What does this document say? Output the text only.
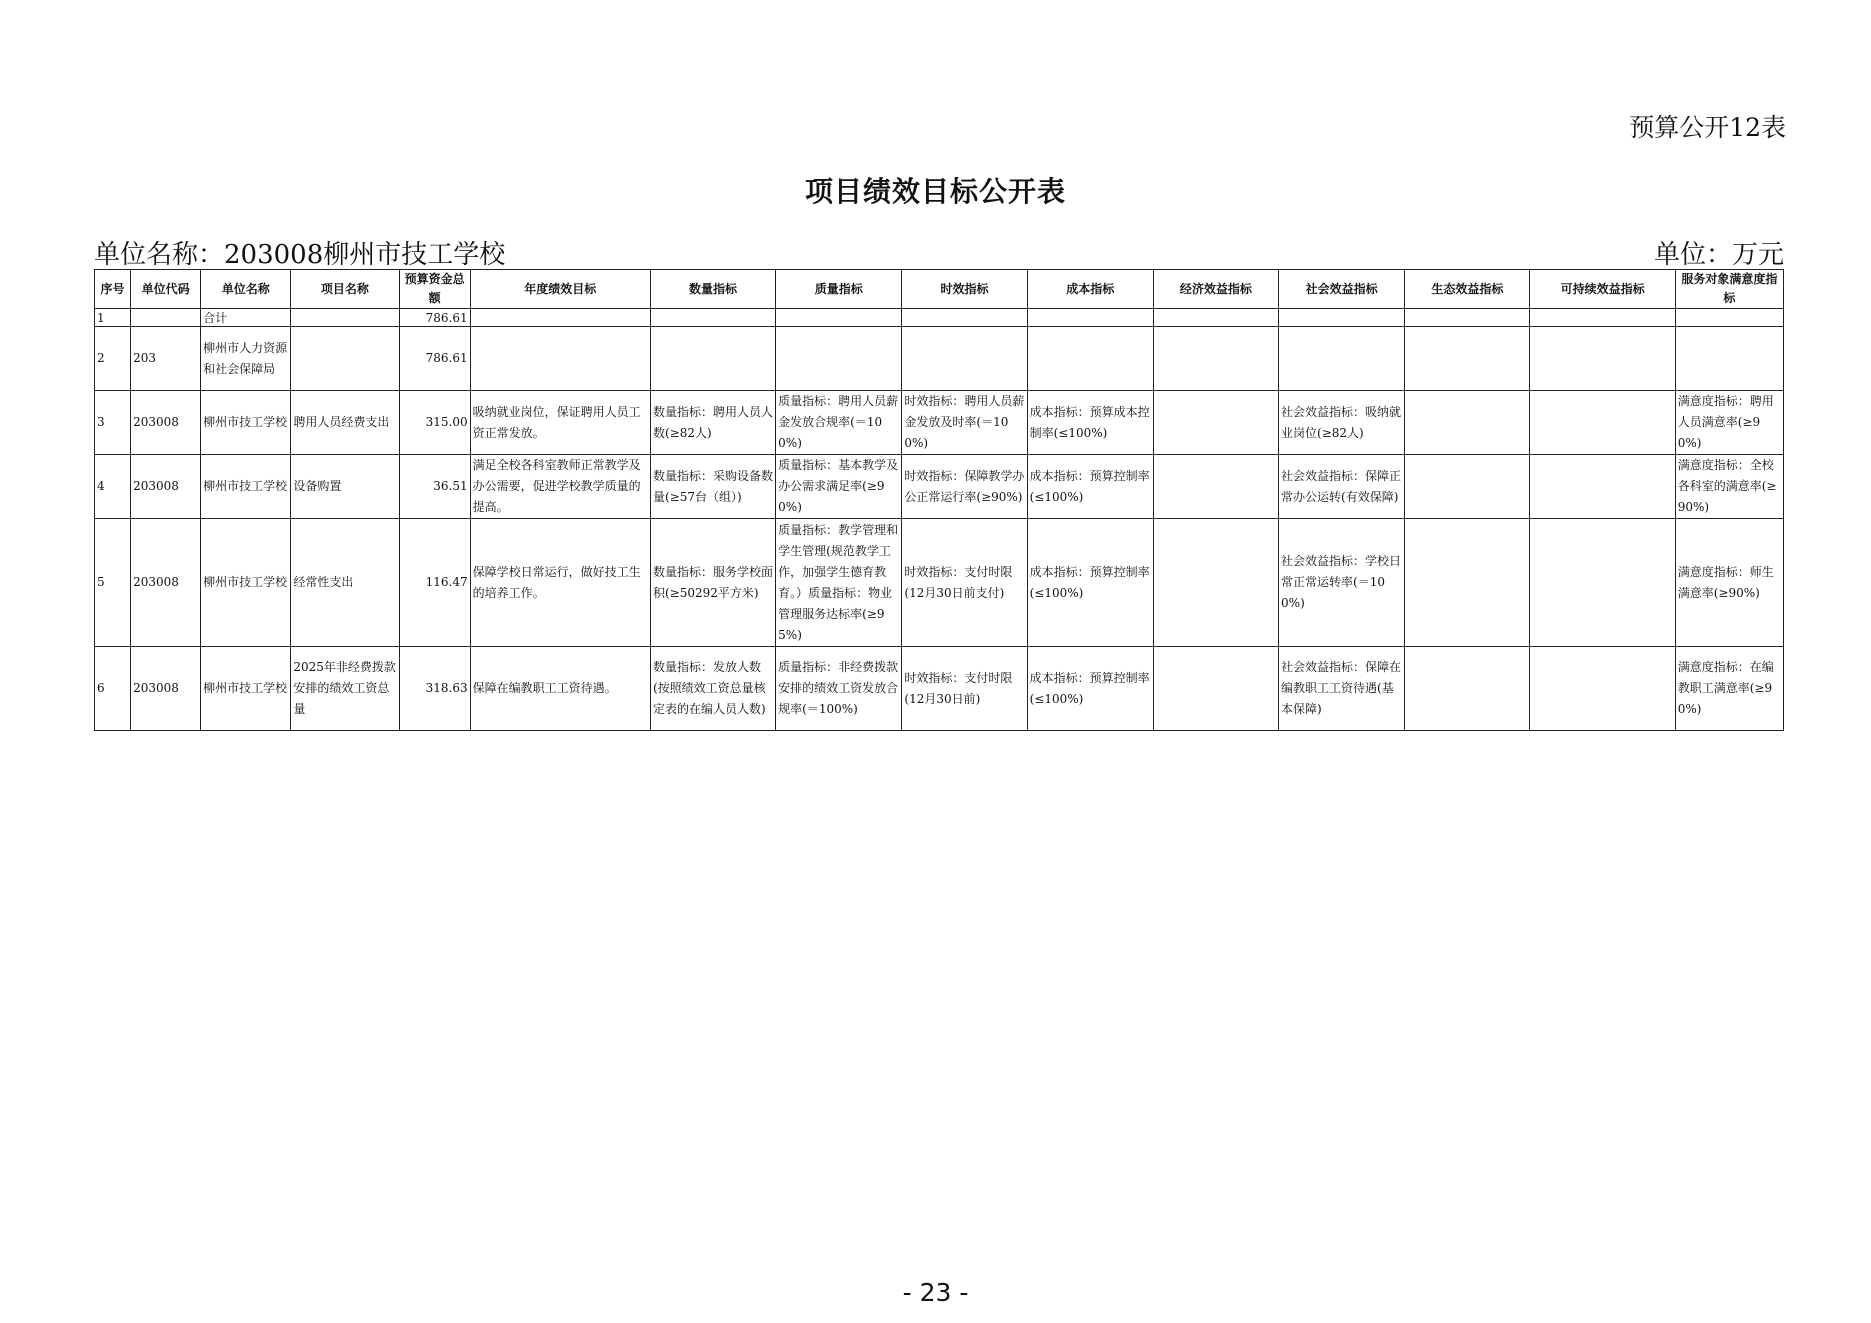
预算公开12表
项目绩效目标公开表
单位名称：203008柳州市技工学校	单位：万元
序号	单位代码	单位名称	项目名称	预算资金总额	年度绩效目标	数量指标	质量指标	时效指标	成本指标	经济效益指标	社会效益指标	生态效益指标	可持续效益指标	服务对象满意度指标
1		合计		786.61										
2	203	柳州市人力资源和社会保障局		786.61										
3	203008	柳州市技工学校	聘用人员经费支出	315.00	吸纳就业岗位，保证聘用人员工资正常发放。	数量指标：聘用人员人数(≥82人)	质量指标：聘用人员薪金发放合规率(＝100%)	时效指标：聘用人员薪金发放及时率(＝100%)	成本指标：预算成本控制率(≤100%)		社会效益指标：吸纳就业岗位(≥82人)			满意度指标：聘用人员满意率(≥90%)
4	203008	柳州市技工学校	设备购置	36.51	满足全校各科室教师正常教学及办公需要，促进学校教学质量的提高。	数量指标：采购设备数量(≥57台（组）)	质量指标：基本教学及办公需求满足率(≥90%)	时效指标：保障教学办公正常运行率(≥90%)	成本指标：预算控制率(≤100%)		社会效益指标：保障正常办公运转(有效保障)			满意度指标：全校各科室的满意率(≥90%)
5	203008	柳州市技工学校	经常性支出	116.47	保障学校日常运行，做好技工生的培养工作。	数量指标：服务学校面积(≥50292平方米)	质量指标：教学管理和学生管理(规范教学工作，加强学生德育教育。）质量指标：物业管理服务达标率(≥95%)	时效指标：支付时限(12月30日前支付)	成本指标：预算控制率(≤100%)		社会效益指标：学校日常正常运转率(＝100%)			满意度指标：师生满意率(≥90%)
6	203008	柳州市技工学校	2025年非经费拨款安排的绩效工资总量	318.63	保障在编教职工工资待遇。	数量指标：发放人数(按照绩效工资总量核定表的在编人员人数)	质量指标：非经费拨款安排的绩效工资发放合规率(＝100%)	时效指标：支付时限(12月30日前)	成本指标：预算控制率(≤100%)		社会效益指标：保障在编教职工工资待遇(基本保障)			满意度指标：在编教职工满意率(≥90%)
- 23 -
